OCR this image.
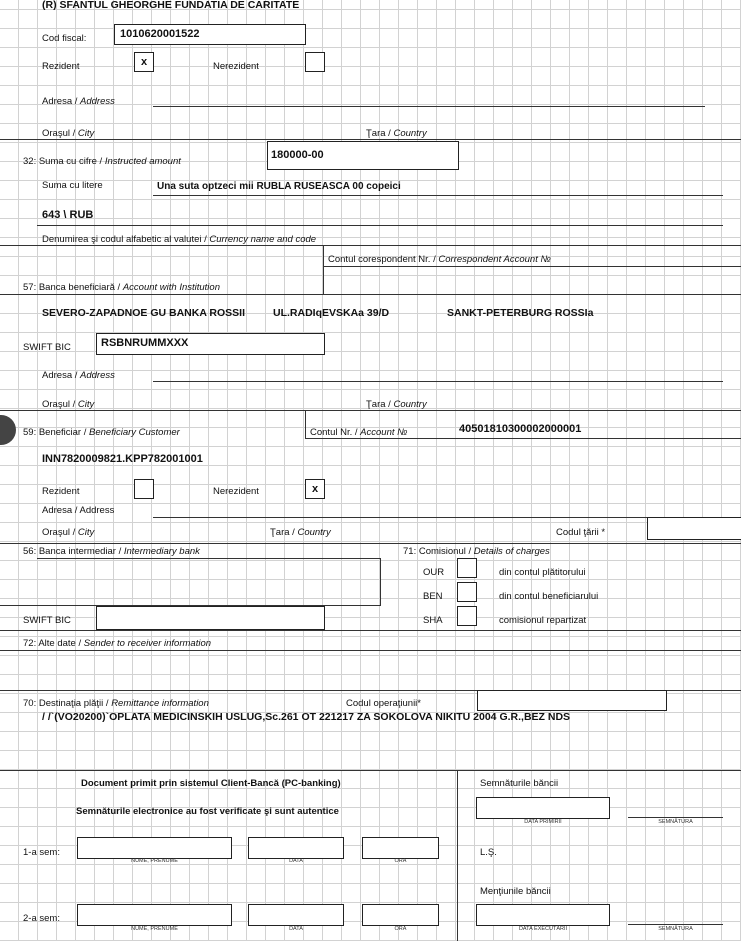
(R) SFANTUL GHEORGHE FUNDATIA DE CARITATE
Cod fiscal:	1010620001522
Rezident	x	Nerezident
Adresa / Address
Oraşul / City	Ţara / Country
32: Suma cu cifre / Instructed amount
180000-00
Suma cu litere	Una suta optzeci mii RUBLA RUSEASCA 00 copeici
643 \ RUB
Denumirea şi codul alfabetic al valutei / Currency name and code
Contul corespondent Nr. / Correspondent Account №
57: Banca beneficiară / Account with Institution
SEVERO-ZAPADNOE GU BANKA ROSSII	UL.RADIqEVSKAa 39/D	SANKT-PETERBURG ROSSIa
SWIFT BIC	RSBNRUMMXXX
Adresa / Address
Oraşul / City	Ţara / Country
59: Beneficiar / Beneficiary Customer	Contul Nr. / Account №	40501810300002000001
INN7820009821.KPP782001001
Rezident	Nerezident	x
Adresa / Address
Oraşul / City	Ţara / Country	Codul ţării *
56: Banca intermediar / Intermediary bank	71: Comisionul / Details of charges
OUR	din contul plătitorului
BEN	din contul beneficiarului
SHA	comisionul repartizat
SWIFT BIC
72: Alte date / Sender to receiver information
70: Destinaţia plăţii / Remittance information	Codul operaţiunii*
/ /`(VO20200)`OPLATA MEDICINSKIH USLUG,Sc.261 OT 221217 ZA SOKOLOVA NIKITU 2004 G.R.,BEZ NDS
Document primit prin sistemul Client-Bancă (PC-banking)
Semnăturile electronice au fost verificate şi sunt autentice
1-a sem:
NUME, PRENUME	DATA	ORA
2-a sem:
NUME, PRENUME	DATA	ORA
Semnăturile băncii
DATA PRIMIRII	SEMNĂTURA
L.Ş.
Menţiunile băncii
DATA EXECUTĂRII	SEMNĂTURA
